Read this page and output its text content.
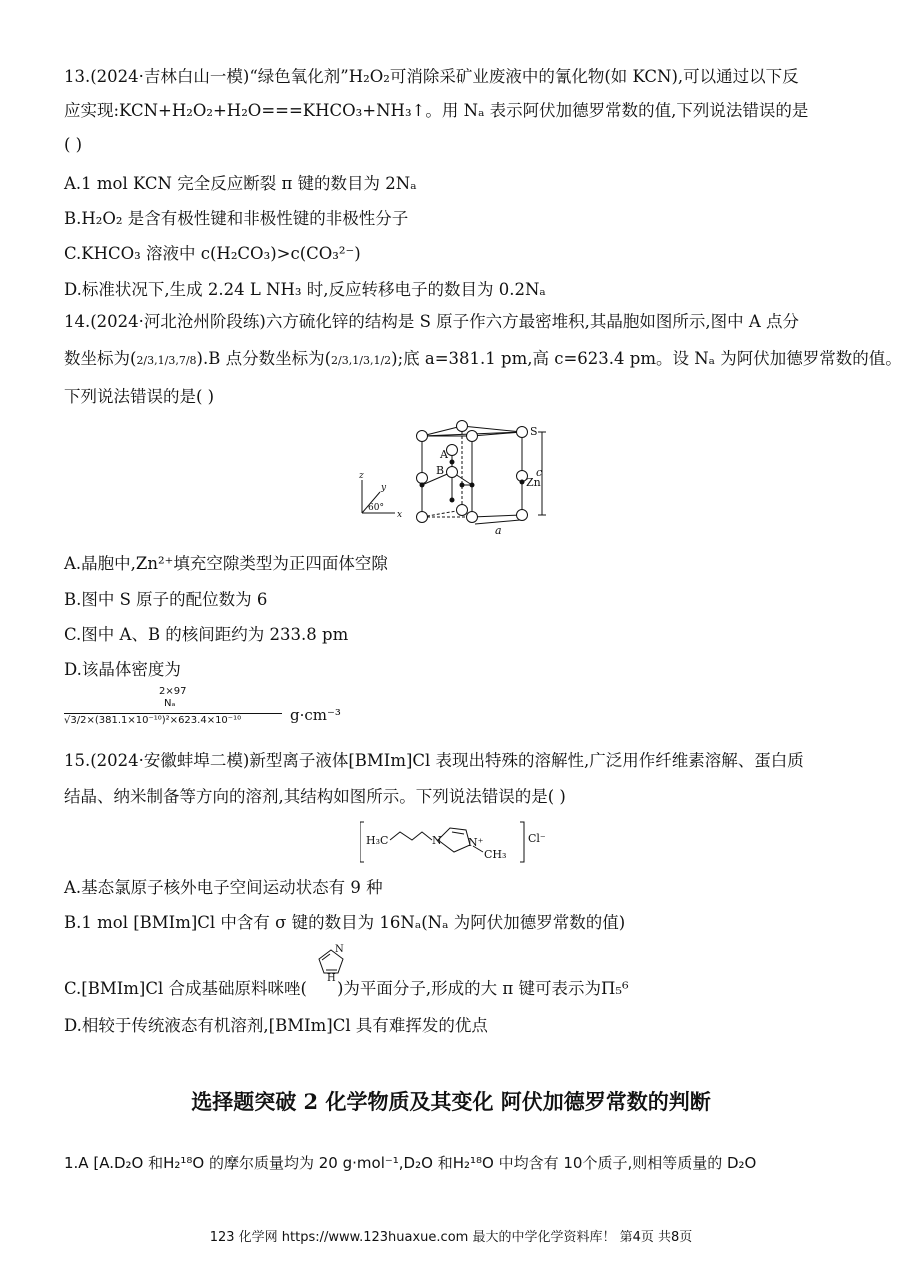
13.(2024·吉林白山一模)“绿色氧化剂”H₂O₂可消除采矿业废液中的氰化物(如 KCN),可以通过以下反
应实现:KCN+H₂O₂+H₂O===KHCO₃+NH₃↑。用 Nₐ 表示阿伏加德罗常数的值,下列说法错误的是
( )
A.1 mol KCN 完全反应断裂 π 键的数目为 2Nₐ
B.H₂O₂ 是含有极性键和非极性键的非极性分子
C.KHCO₃ 溶液中 c(H₂CO₃)>c(CO₃²⁻)
D.标准状况下,生成 2.24 L NH₃ 时,反应转移电子的数目为 0.2Nₐ
14.(2024·河北沧州阶段练)六方硫化锌的结构是 S 原子作六方最密堆积,其晶胞如图所示,图中 A 点分
数坐标为(2/3,1/3,7/8).B 点分数坐标为(2/3,1/3,1/2);底 a=381.1 pm,高 c=623.4 pm。设 Nₐ 为阿伏加德罗常数的值。
下列说法错误的是( )
S
Zn
A
B	c
a
x
y
z
60°
A.晶胞中,Zn²⁺填充空隙类型为正四面体空隙
B.图中 S 原子的配位数为 6
C.图中 A、B 的核间距约为 233.8 pm
D.该晶体密度为
2×97
Nₐ
√3/2×(381.1×10⁻¹⁰)²×623.4×10⁻¹⁰	g·cm⁻³
15.(2024·安徽蚌埠二模)新型离子液体[BMIm]Cl 表现出特殊的溶解性,广泛用作纤维素溶解、蛋白质
结晶、纳米制备等方向的溶剂,其结构如图所示。下列说法错误的是( )
H₃C	N N⁺
CH₃
Cl⁻
A.基态氯原子核外电子空间运动状态有 9 种
B.1 mol [BMIm]Cl 中含有 σ 键的数目为 16Nₐ(Nₐ 为阿伏加德罗常数的值)
C.[BMIm]Cl 合成基础原料咪唑( )为平面分子,形成的大 π 键可表示为Π₅⁶
N
H
D.相较于传统液态有机溶剂,[BMIm]Cl 具有难挥发的优点
选择题突破 2 化学物质及其变化 阿伏加德罗常数的判断
1.A [A.D₂O 和H₂¹⁸O 的摩尔质量均为 20 g·mol⁻¹,D₂O 和H₂¹⁸O 中均含有 10个质子,则相等质量的 D₂O
123 化学网 https://www.123huaxue.com 最大的中学化学资料库！ 第4页 共8页
